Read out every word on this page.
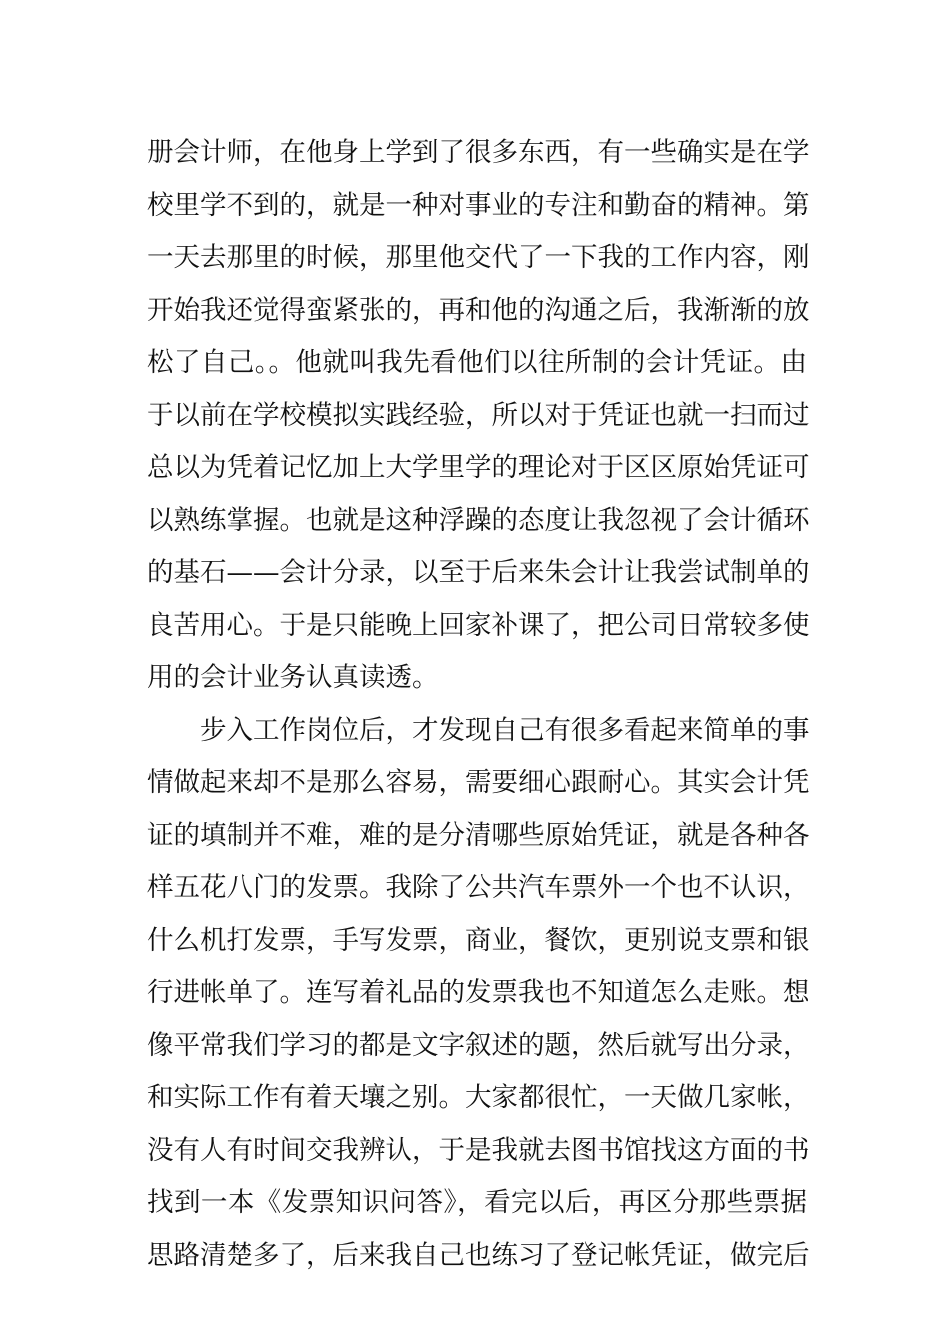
册会计师，在他身上学到了很多东西，有一些确实是在学
校里学不到的，就是一种对事业的专注和勤奋的精神。第
一天去那里的时候，那里他交代了一下我的工作内容，刚
开始我还觉得蛮紧张的，再和他的沟通之后，我渐渐的放
松了自己。。他就叫我先看他们以往所制的会计凭证。由
于以前在学校模拟实践经验，所以对于凭证也就一扫而过
总以为凭着记忆加上大学里学的理论对于区区原始凭证可
以熟练掌握。也就是这种浮躁的态度让我忽视了会计循环
的基石——会计分录，以至于后来朱会计让我尝试制单的
良苦用心。于是只能晚上回家补课了，把公司日常较多使
用的会计业务认真读透。
步入工作岗位后，才发现自己有很多看起来简单的事
情做起来却不是那么容易，需要细心跟耐心。其实会计凭
证的填制并不难，难的是分清哪些原始凭证，就是各种各
样五花八门的发票。我除了公共汽车票外一个也不认识，
什么机打发票，手写发票，商业，餐饮，更别说支票和银
行进帐单了。连写着礼品的发票我也不知道怎么走账。想
像平常我们学习的都是文字叙述的题，然后就写出分录，
和实际工作有着天壤之别。大家都很忙，一天做几家帐，
没有人有时间交我辨认，于是我就去图书馆找这方面的书
找到一本《发票知识问答》，看完以后，再区分那些票据
思路清楚多了，后来我自己也练习了登记帐凭证，做完后
